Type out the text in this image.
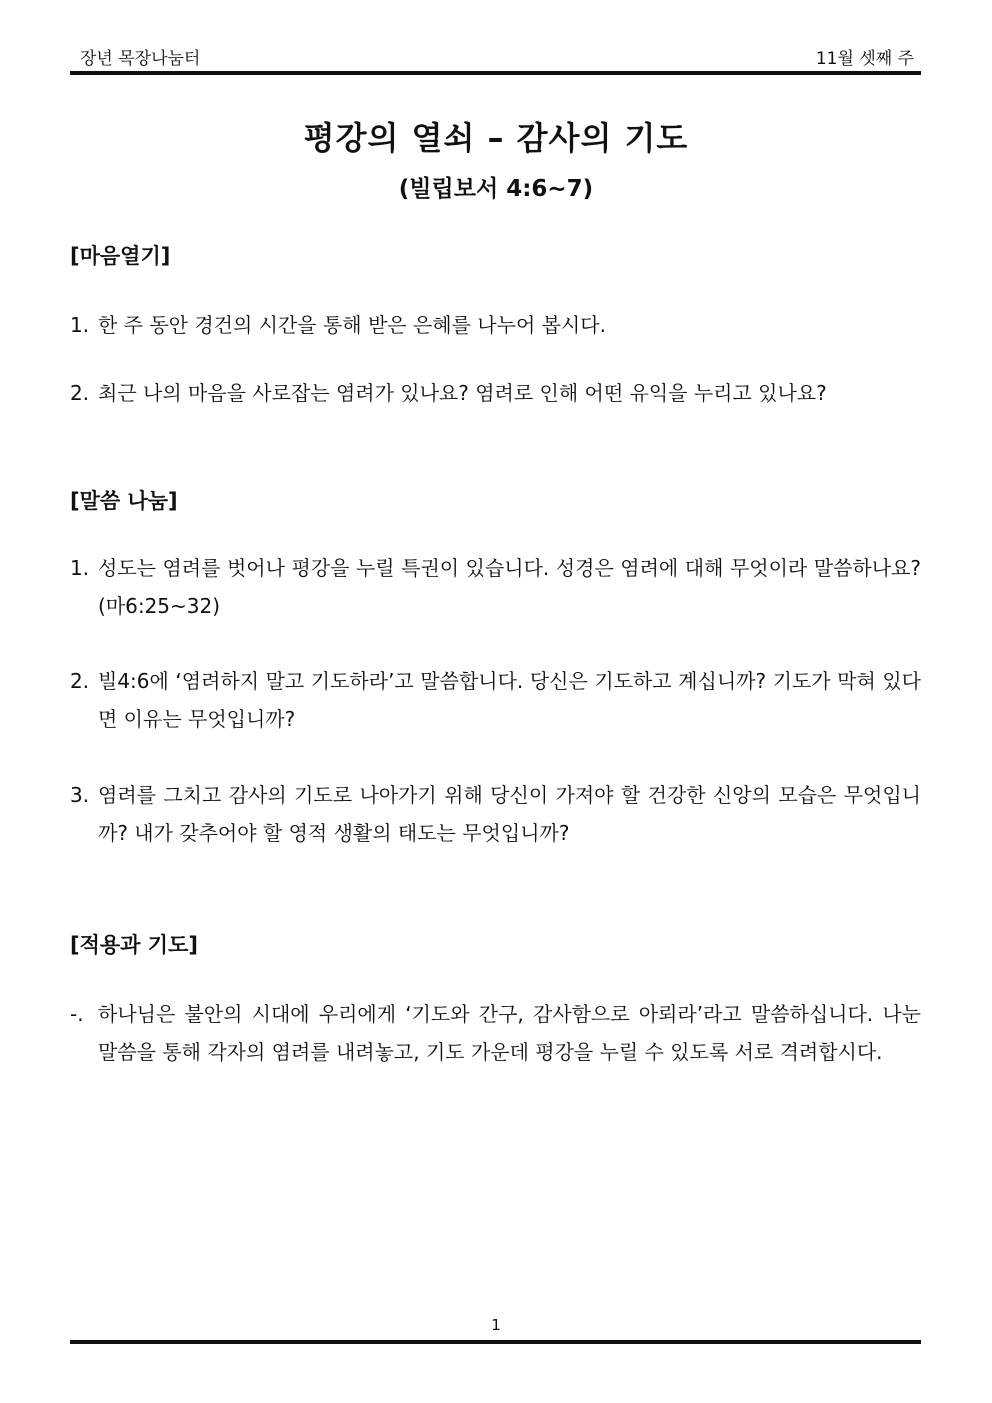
장년 목장나눔터	11월 셋째 주
평강의 열쇠 – 감사의 기도
(빌립보서 4:6~7)
[마음열기]
1. 한 주 동안 경건의 시간을 통해 받은 은혜를 나누어 봅시다.
2. 최근 나의 마음을 사로잡는 염려가 있나요? 염려로 인해 어떤 유익을 누리고 있나요?
[말씀 나눔]
1. 성도는 염려를 벗어나 평강을 누릴 특권이 있습니다. 성경은 염려에 대해 무엇이라 말씀하나요?(마6:25~32)
2. 빌4:6에 ‘염려하지 말고 기도하라’고 말씀합니다. 당신은 기도하고 계십니까? 기도가 막혀 있다면 이유는 무엇입니까?
3. 염려를 그치고 감사의 기도로 나아가기 위해 당신이 가져야 할 건강한 신앙의 모습은 무엇입니까? 내가 갖추어야 할 영적 생활의 태도는 무엇입니까?
[적용과 기도]
-. 하나님은 불안의 시대에 우리에게 ‘기도와 간구, 감사함으로 아뢰라’라고 말씀하십니다. 나눈 말씀을 통해 각자의 염려를 내려놓고, 기도 가운데 평강을 누릴 수 있도록 서로 격려합시다.
1
